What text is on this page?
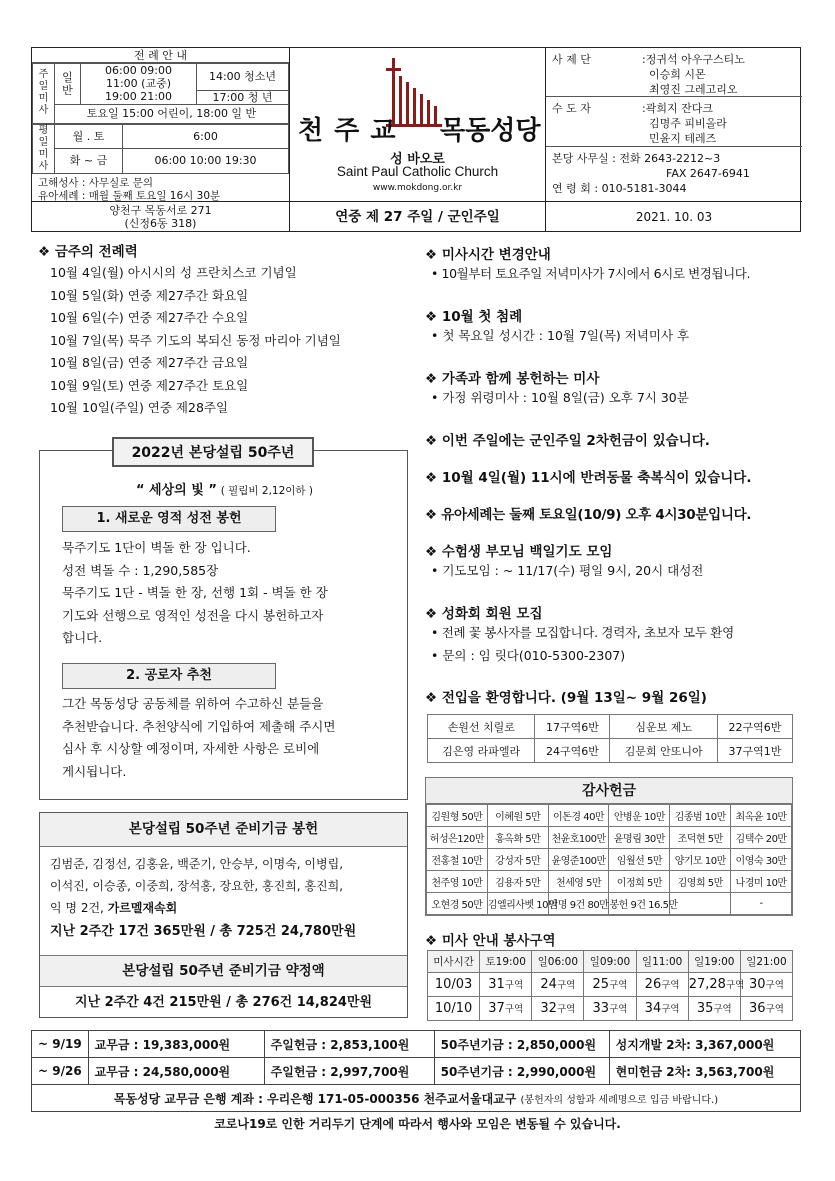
전 례 안 내
주일 미사	일반	06:00 09:00	14:00 청소년
		11:00 (교중)	
		19:00 21:00	17:00 청 년
	토요일 15:00 어린이, 18:00 일 반		
평일 미사	월 . 토	6:00
	화 ~ 금	06:00 10:00 19:30
고해성사 : 사무실로 문의
유아세례 : 매월 둘째 토요일 16시 30분
천 주 교 목동성당
성 바오로
Saint Paul Catholic Church
www.mokdong.or.kr
사 제 단	: 정귀석 아우구스티노
이승희 시몬
최영진 그레고리오
수 도 자	: 곽희지 잔다크
김명주 피비올라
민윤지 테레즈
본당 사무실 : 전화 2643-2212~3
FAX 2647-6941
연 령 회 : 010-5181-3044
양천구 목동서로 271
(신정6동 318)	연중 제 27 주일 / 군인주일	2021. 10. 03
❖ 금주의 전례력
10월 4일(월) 아시시의 성 프란치스코 기념일
10월 5일(화) 연중 제27주간 화요일
10월 6일(수) 연중 제27주간 수요일
10월 7일(목) 묵주 기도의 복되신 동정 마리아 기념일
10월 8일(금) 연중 제27주간 금요일
10월 9일(토) 연중 제27주간 토요일
10월 10일(주일) 연중 제28주일
2022년 본당설립 50주년
“ 세상의 빛 ” ( 필립비 2,12이하 )
1. 새로운 영적 성전 봉헌
묵주기도 1단이 벽돌 한 장 입니다.
성전 벽돌 수 : 1,290,585장
묵주기도 1단 - 벽돌 한 장, 선행 1회 - 벽돌 한 장
기도와 선행으로 영적인 성전을 다시 봉헌하고자
합니다.
2. 공로자 추천
그간 목동성당 공동체를 위하여 수고하신 분들을
추천받습니다. 추천양식에 기입하여 제출해 주시면
심사 후 시상할 예정이며, 자세한 사항은 로비에
게시됩니다.
본당설립 50주년 준비기금 봉헌
김범준, 김정선, 김홍윤, 백준기, 안승부, 이명숙, 이병립,
이석진, 이승종, 이중희, 장석홍, 장요한, 홍진희, 홍진희,
익 명 2건, 가르멜재속회
지난 2주간 17건 365만원 / 총 725건 24,780만원
본당설립 50주년 준비기금 약정액
지난 2주간 4건 215만원 / 총 276건 14,824만원
❖ 미사시간 변경안내
• 10월부터 토요주일 저녁미사가 7시에서 6시로 변경됩니다.
❖ 10월 첫 첨례
• 첫 목요일 성시간 : 10월 7일(목) 저녁미사 후
❖ 가족과 함께 봉헌하는 미사
• 가정 위령미사 : 10월 8일(금) 오후 7시 30분
❖ 이번 주일에는 군인주일 2차헌금이 있습니다.
❖ 10월 4일(월) 11시에 반려동물 축복식이 있습니다.
❖ 유아세례는 둘째 토요일(10/9) 오후 4시30분입니다.
❖ 수험생 부모님 백일기도 모임
• 기도모임 : ~ 11/17(수) 평일 9시, 20시 대성전
❖ 성화회 회원 모집
• 전례 꽃 봉사자를 모집합니다. 경력자, 초보자 모두 환영
• 문의 : 임 릿다(010-5300-2307)
❖ 전입을 환영합니다. (9월 13일~ 9월 26일)
손원선 치릴로	17구역6반	심운보 제노	22구역6반
김은영 라파엘라	24구역6반	김문희 안또니아	37구역1반
감사헌금
김원형 50만	이혜원 5만	이돈경 40만	안병운 10만	김종범 10만	최옥윤 10만
허성은120만	홍옥화 5만	천윤호100만	윤명림 30만	조덕현 5만	김택수 20만
전홍철 10만	강성자 5만	윤영준100만	임월선 5만	양기모 10만	이영숙 30만
천주영 10만	김용자 5만	천세영 5만	이정희 5만	김영희 5만	나경미 10만
오현경 50만	김엘리사벳 10만	익명 9건 80만	봉헌 9건 16.5만		-
❖ 미사 안내 봉사구역
미사시간	토19:00	일06:00	일09:00	일11:00	일19:00	일21:00
10/03	31구역	24구역	25구역	26구역	27,28구역	30구역
10/10	37구역	32구역	33구역	34구역	35구역	36구역
~ 9/19	교무금 : 19,383,000원	주일헌금 : 2,853,100원	50주년기금 : 2,850,000원	성지개발 2차: 3,367,000원
~ 9/26	교무금 : 24,580,000원	주일헌금 : 2,997,700원	50주년기금 : 2,990,000원	현미헌금 2차: 3,563,700원
목동성당 교무금 은행 계좌 : 우리은행 171-05-000356 천주교서울대교구 (봉헌자의 성함과 세례명으로 입금 바랍니다.)				
코로나19로 인한 거리두기 단계에 따라서 행사와 모임은 변동될 수 있습니다.
